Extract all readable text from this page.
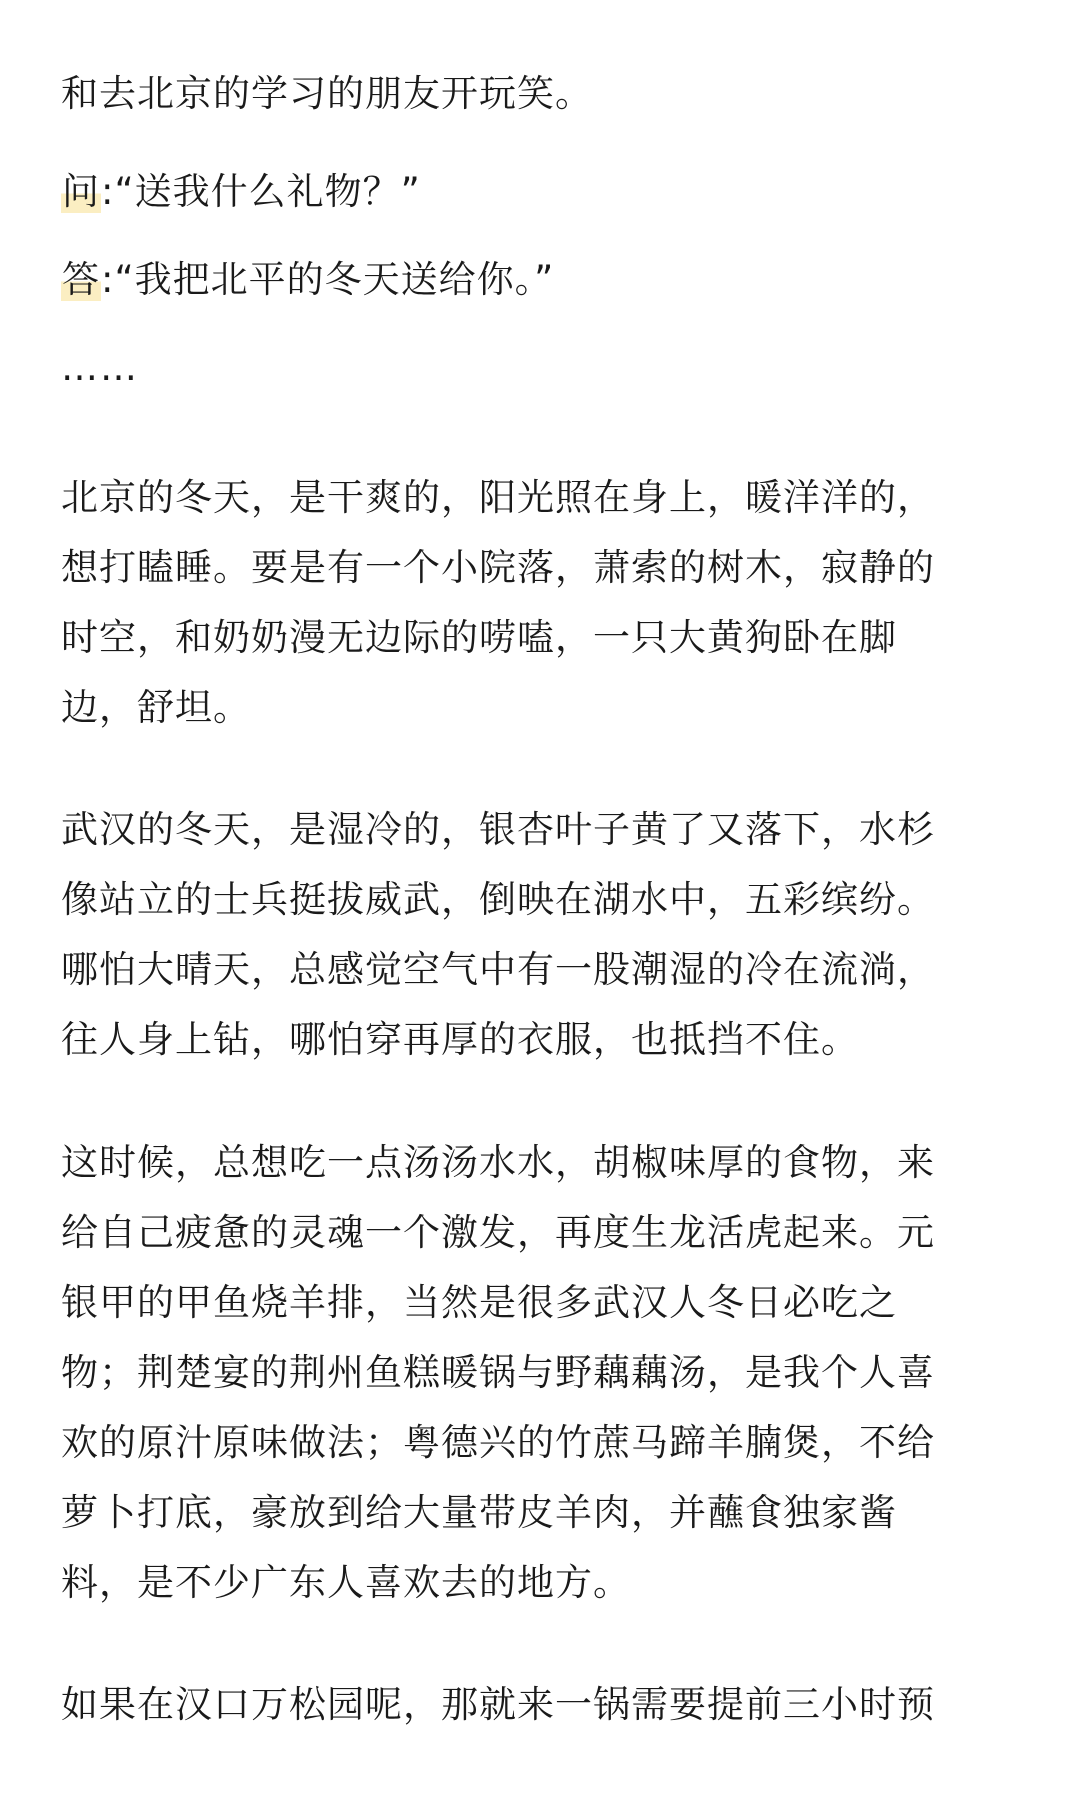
和去北京的学习的朋友开玩笑。
问:“送我什么礼物？”
答:“我把北平的冬天送给你。”
……
北京的冬天，是干爽的，阳光照在身上，暖洋洋的，
想打瞌睡。要是有一个小院落，萧索的树木，寂静的
时空，和奶奶漫无边际的唠嗑，一只大黄狗卧在脚
边，舒坦。
武汉的冬天，是湿冷的，银杏叶子黄了又落下，水杉
像站立的士兵挺拔威武，倒映在湖水中，五彩缤纷。
哪怕大晴天，总感觉空气中有一股潮湿的冷在流淌，
往人身上钻，哪怕穿再厚的衣服，也抵挡不住。
这时候，总想吃一点汤汤水水，胡椒味厚的食物，来
给自己疲惫的灵魂一个激发，再度生龙活虎起来。元
银甲的甲鱼烧羊排，当然是很多武汉人冬日必吃之
物；荆楚宴的荆州鱼糕暖锅与野藕藕汤，是我个人喜
欢的原汁原味做法；粤德兴的竹蔗马蹄羊腩煲，不给
萝卜打底，豪放到给大量带皮羊肉，并蘸食独家酱
料，是不少广东人喜欢去的地方。
如果在汉口万松园呢，那就来一锅需要提前三小时预
